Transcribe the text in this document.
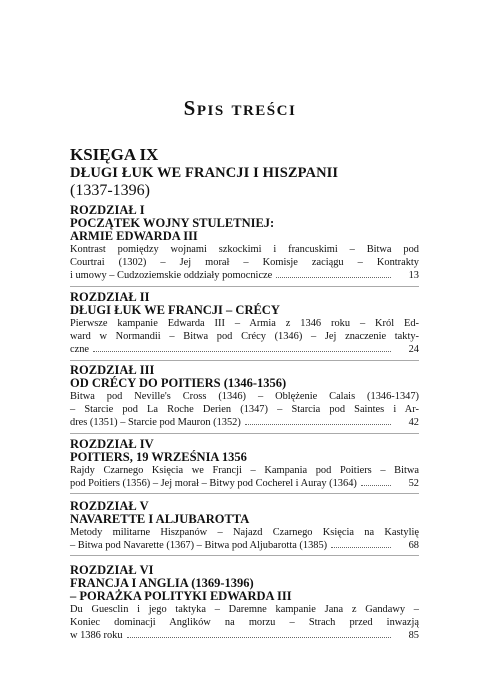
Spis treści
KSIĘGA IX
DŁUGI ŁUK WE FRANCJI I HISZPANII
(1337-1396)
ROZDZIAŁ I
POCZĄTEK WOJNY STULETNIEJ:
ARMIE EDWARDA III
Kontrast pomiędzy wojnami szkockimi i francuskimi – Bitwa pod
Courtrai (1302) – Jej morał – Komisje zaciągu – Kontrakty
i umowy – Cudzoziemskie oddziały pomocnicze	13
ROZDZIAŁ II
DŁUGI ŁUK WE FRANCJI – CRÉCY
Pierwsze kampanie Edwarda III – Armia z 1346 roku – Król Ed-
ward w Normandii – Bitwa pod Crécy (1346) – Jej znaczenie takty-
czne	24
ROZDZIAŁ III
OD CRÉCY DO POITIERS (1346-1356)
Bitwa pod Neville's Cross (1346) – Oblężenie Calais (1346-1347)
– Starcie pod La Roche Derien (1347) – Starcia pod Saintes i Ar-
dres (1351) – Starcie pod Mauron (1352)	42
ROZDZIAŁ IV
POITIERS, 19 WRZEŚNIA 1356
Rajdy Czarnego Księcia we Francji – Kampania pod Poitiers – Bitwa
pod Poitiers (1356) – Jej morał – Bitwy pod Cocherel i Auray (1364)	52
ROZDZIAŁ V
NAVARETTE I ALJUBAROTTA
Metody militarne Hiszpanów – Najazd Czarnego Księcia na Kastylię
– Bitwa pod Navarette (1367) – Bitwa pod Aljubarotta (1385)	68
ROZDZIAŁ VI
FRANCJA I ANGLIA (1369-1396)
– PORAŻKA POLITYKI EDWARDA III
Du Guesclin i jego taktyka – Daremne kampanie Jana z Gandawy –
Koniec dominacji Anglików na morzu – Strach przed inwazją
w 1386 roku	85
